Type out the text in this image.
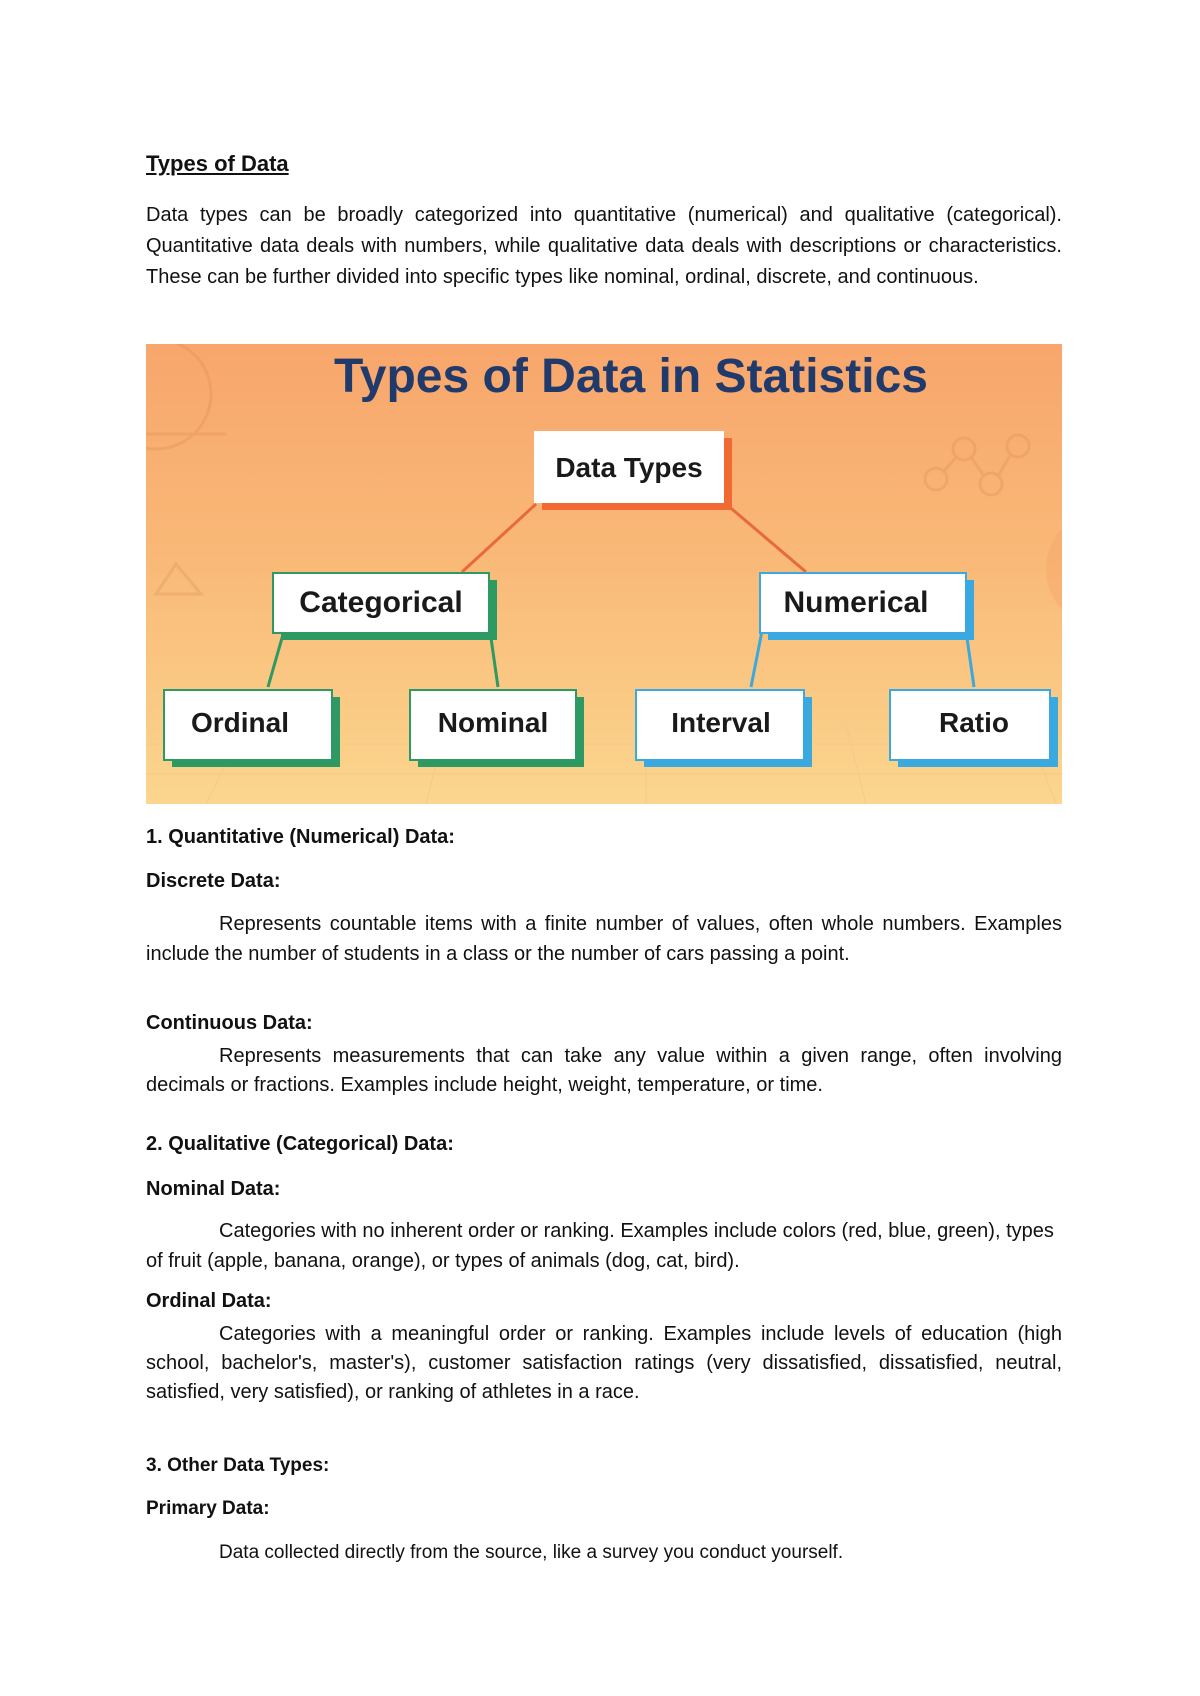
Types of Data

Data types can be broadly categorized into quantitative (numerical) and qualitative (categorical). Quantitative data deals with numbers, while qualitative data deals with descriptions or characteristics. These can be further divided into specific types like nominal, ordinal, discrete, and continuous.

Types of Data in Statistics
Data Types
Categorical	Numerical
Ordinal	Nominal	Interval	Ratio
1. Quantitative (Numerical) Data:
Discrete Data:

Represents countable items with a finite number of values, often whole numbers. Examples include the number of students in a class or the number of cars passing a point.

Continuous Data:

Represents measurements that can take any value within a given range, often involving decimals or fractions. Examples include height, weight, temperature, or time.

2. Qualitative (Categorical) Data:
Nominal Data:

Categories with no inherent order or ranking. Examples include colors (red, blue, green), types of fruit (apple, banana, orange), or types of animals (dog, cat, bird).

Ordinal Data:

Categories with a meaningful order or ranking. Examples include levels of education (high school, bachelor's, master's), customer satisfaction ratings (very dissatisfied, dissatisfied, neutral, satisfied, very satisfied), or ranking of athletes in a race.

3. Other Data Types:
Primary Data:

Data collected directly from the source, like a survey you conduct yourself.
